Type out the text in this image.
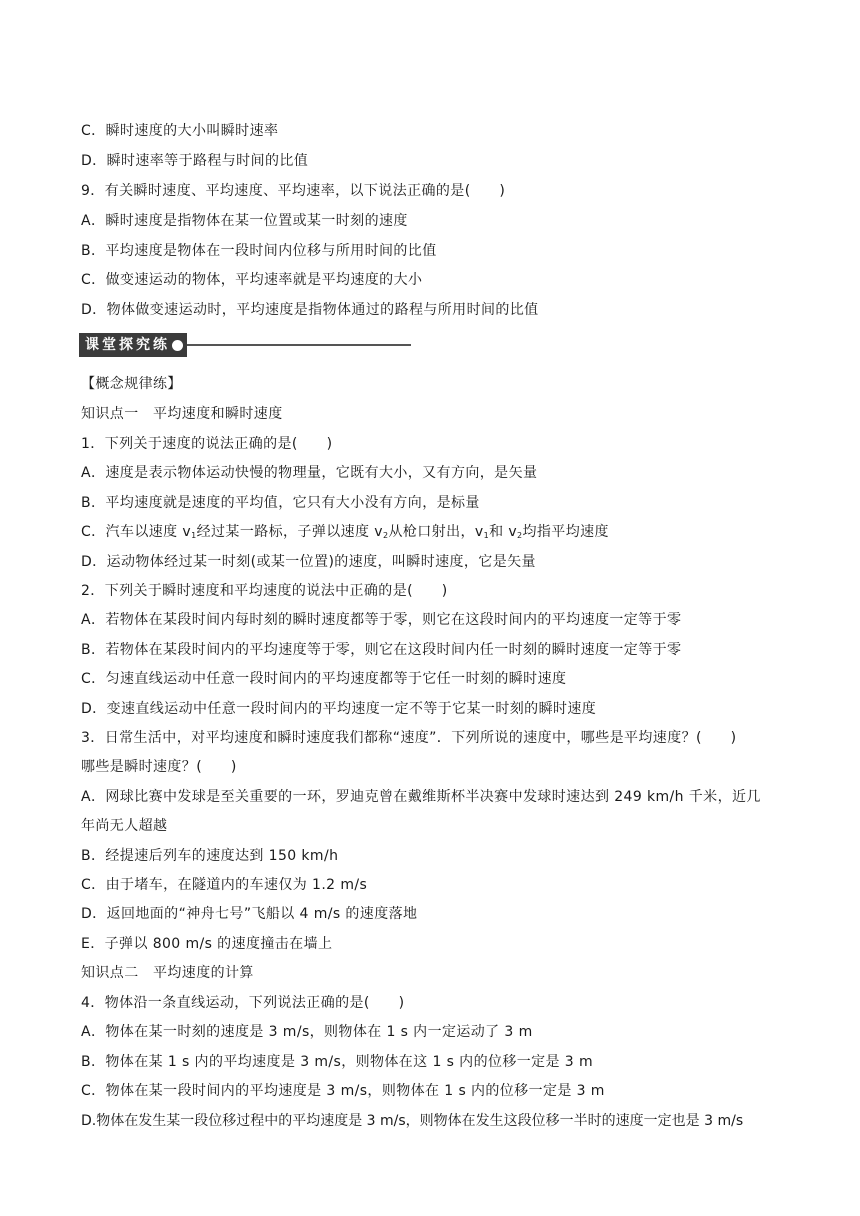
C．瞬时速度的大小叫瞬时速率
D．瞬时速率等于路程与时间的比值
9．有关瞬时速度、平均速度、平均速率，以下说法正确的是(　　)
A．瞬时速度是指物体在某一位置或某一时刻的速度
B．平均速度是物体在一段时间内位移与所用时间的比值
C．做变速运动的物体，平均速率就是平均速度的大小
D．物体做变速运动时，平均速度是指物体通过的路程与所用时间的比值
课堂探究练
【概念规律练】
知识点一　平均速度和瞬时速度
1．下列关于速度的说法正确的是(　　)
A．速度是表示物体运动快慢的物理量，它既有大小，又有方向，是矢量
B．平均速度就是速度的平均值，它只有大小没有方向，是标量
C．汽车以速度 $v_1$经过某一路标，子弹以速度 $v_2$从枪口射出，$v_1$和 $v_2$均指平均速度
D．运动物体经过某一时刻(或某一位置)的速度，叫瞬时速度，它是矢量
2．下列关于瞬时速度和平均速度的说法中正确的是(　　)
A．若物体在某段时间内每时刻的瞬时速度都等于零，则它在这段时间内的平均速度一定等于零
B．若物体在某段时间内的平均速度等于零，则它在这段时间内任一时刻的瞬时速度一定等于零
C．匀速直线运动中任意一段时间内的平均速度都等于它任一时刻的瞬时速度
D．变速直线运动中任意一段时间内的平均速度一定不等于它某一时刻的瞬时速度
3．日常生活中，对平均速度和瞬时速度我们都称“速度”．下列所说的速度中，哪些是平均速度？(　　)
哪些是瞬时速度？(　　)
A．网球比赛中发球是至关重要的一环，罗迪克曾在戴维斯杯半决赛中发球时速达到 249 km/h 千米，近几
年尚无人超越
B．经提速后列车的速度达到 150 km/h
C．由于堵车，在隧道内的车速仅为 1.2 m/s
D．返回地面的“神舟七号”飞船以 4 m/s 的速度落地
E．子弹以 800 m/s 的速度撞击在墙上
知识点二　平均速度的计算
4．物体沿一条直线运动，下列说法正确的是(　　)
A．物体在某一时刻的速度是 3 m/s，则物体在 1 s 内一定运动了 3 m
B．物体在某 1 s 内的平均速度是 3 m/s，则物体在这 1 s 内的位移一定是 3 m
C．物体在某一段时间内的平均速度是 3 m/s，则物体在 1 s 内的位移一定是 3 m
D.物体在发生某一段位移过程中的平均速度是 3 m/s，则物体在发生这段位移一半时的速度一定也是 3 m/s
